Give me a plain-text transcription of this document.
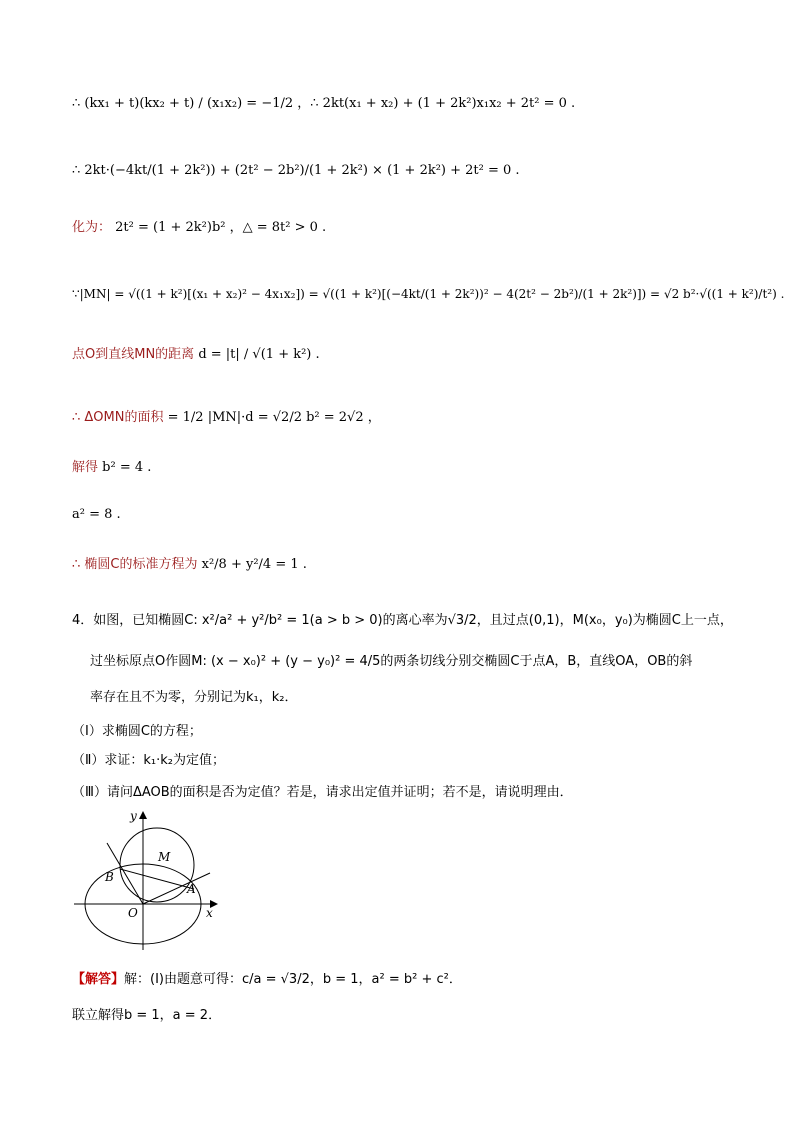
∴ (kx₁ + t)(kx₂ + t) / (x₁x₂) = −1/2 ，∴ 2kt(x₁ + x₂) + (1 + 2k²)x₁x₂ + 2t² = 0 .
∴ 2kt·(−4kt/(1 + 2k²)) + (2t² − 2b²)/(1 + 2k²) × (1 + 2k²) + 2t² = 0 .
化为： 2t² = (1 + 2k²)b² ，△ = 8t² > 0 .
∵|MN| = √((1 + k²)[(x₁ + x₂)² − 4x₁x₂]) = √((1 + k²)[(−4kt/(1 + 2k²))² − 4(2t² − 2b²)/(1 + 2k²)]) = √2 b²·√((1 + k²)/t²) .
点O到直线MN的距离 d = |t| / √(1 + k²) .
∴ ΔOMN的面积 = 1/2 |MN|·d = √2/2 b² = 2√2 ，
解得 b² = 4 .
a² = 8 .
∴ 椭圆C的标准方程为 x²/8 + y²/4 = 1 .
4．如图，已知椭圆C: x²/a² + y²/b² = 1(a > b > 0)的离心率为√3/2，且过点(0,1)，M(x₀，y₀)为椭圆C上一点，
过坐标原点O作圆M: (x − x₀)² + (y − y₀)² = 4/5的两条切线分别交椭圆C于点A，B，直线OA，OB的斜
率存在且不为零，分别记为k₁，k₂．
（Ⅰ）求椭圆C的方程；
（Ⅱ）求证：k₁·k₂为定值；
（Ⅲ）请问ΔAOB的面积是否为定值？若是，请求出定值并证明；若不是，请说明理由．
y
x
O
M
A
B
【解答】解：(I)由题意可得：c/a = √3/2，b = 1，a² = b² + c²．
联立解得b = 1，a = 2．
